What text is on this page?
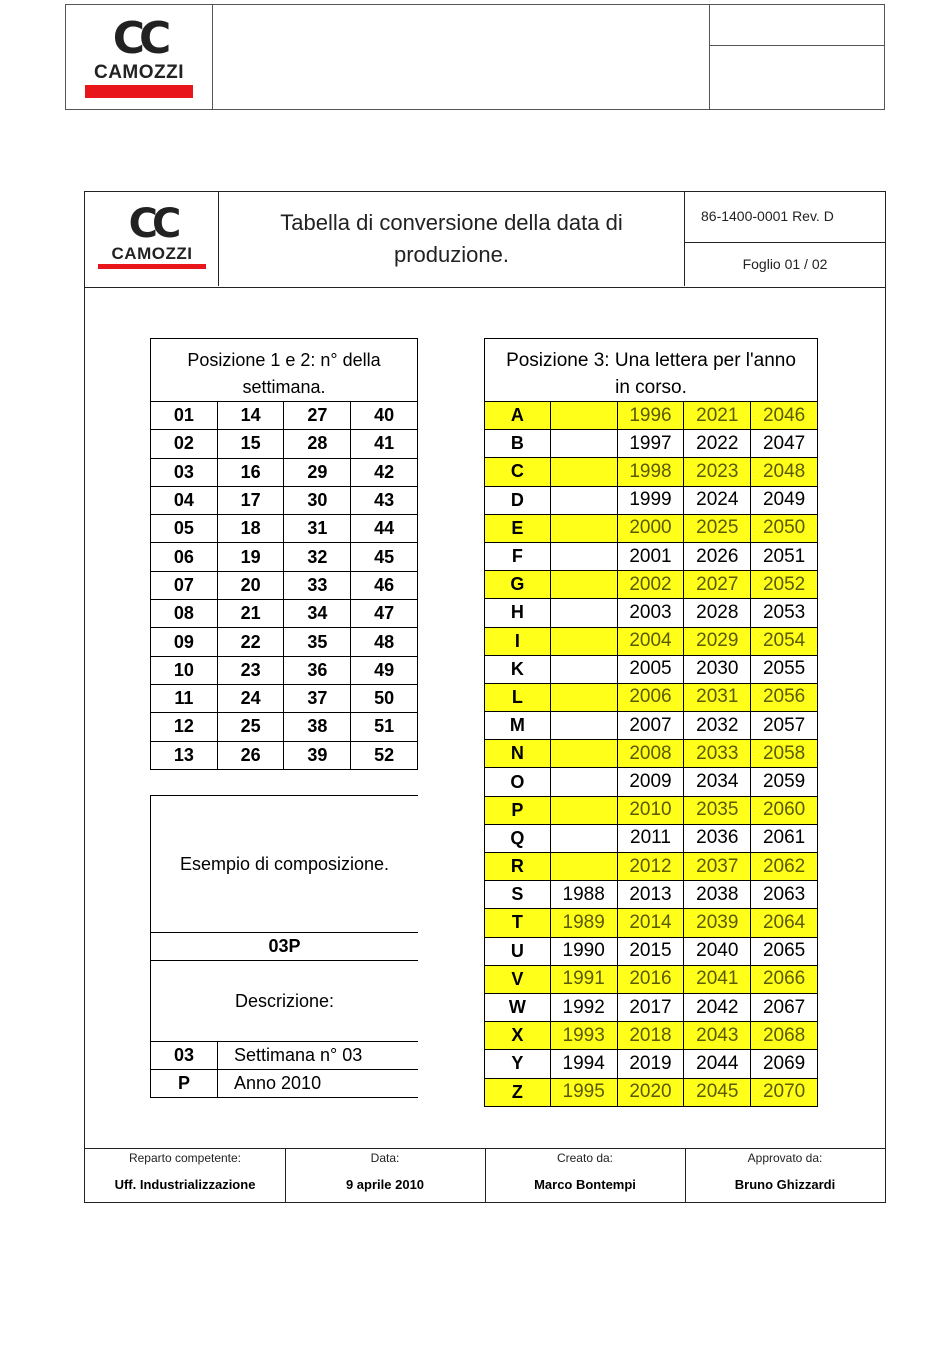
CC
CAMOZZI
CC
CAMOZZI
Tabella di conversione della data di
produzione.
86-1400-0001 Rev. D
Foglio 01 / 02
Reparto competente:
Uff. Industrializzazione
Data:
9 aprile 2010
Creato da:
Marco Bontempi
Approvato da:
Bruno Ghizzardi
Posizione 1 e 2: n° della
settimana.			

01	14	27	40
02	15	28	41
03	16	29	42
04	17	30	43
05	18	31	44
06	19	32	45
07	20	33	46
08	21	34	47
09	22	35	48
10	23	36	49
11	24	37	50
12	25	38	51
13	26	39	52
Esempio di composizione.	
03P	
Descrizione:	
03	Settimana n° 03
P	Anno 2010
Posizione 3: Una lettera per l'anno
in corso.				

A		1996	2021	2046
B		1997	2022	2047
C		1998	2023	2048
D		1999	2024	2049
E		2000	2025	2050
F		2001	2026	2051
G		2002	2027	2052
H		2003	2028	2053
I		2004	2029	2054
K		2005	2030	2055
L		2006	2031	2056
M		2007	2032	2057
N		2008	2033	2058
O		2009	2034	2059
P		2010	2035	2060
Q		2011	2036	2061
R		2012	2037	2062
S	1988	2013	2038	2063
T	1989	2014	2039	2064
U	1990	2015	2040	2065
V	1991	2016	2041	2066
W	1992	2017	2042	2067
X	1993	2018	2043	2068
Y	1994	2019	2044	2069
Z	1995	2020	2045	2070
